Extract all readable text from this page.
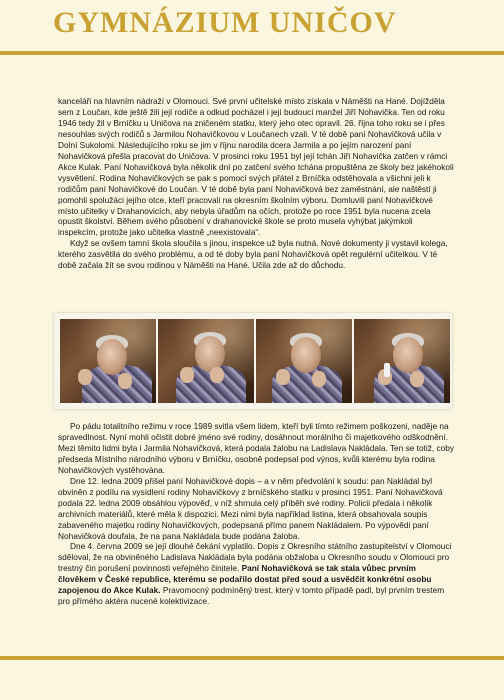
GYMNÁZIUM UNIČOV

kanceláři na hlavním nádraží v Olomouci. Své první učitelské místo získala v Náměšti na Hané. Dojížděla sem z Loučan, kde ještě žili její rodiče a odkud pocházel i její budoucí manžel Jiří Nohavička. Ten od roku 1946 tedy žil v Brníčku u Uničova na zničeném statku, který jeho otec opravil. 26. října toho roku se i přes nesouhlas svých rodičů s Jarmilou Nohavičkovou v Loučanech vzali. V té době paní Nohavičková učila v Dolní Sukolomi. Následujícího roku se jim v říjnu narodila dcera Jarmila a po jejím narození paní Nohavičková přešla pracovat do Uničova. V prosinci roku 1951 byl její tchán Jiří Nohavička zatčen v rámci Akce Kulak. Paní Nohavičková byla několik dní po zatčení svého tchána propuštěna ze školy bez jakéhokoli vysvětlení. Rodina Nohavičkových se pak s pomocí svých přátel z Brníčka odstěhovala a všichni jeli k rodičům paní Nohavičkové do Loučan. V té době byla paní Nohavičková bez zaměstnání, ale naštěstí ji pomohli spolužáci jejího otce, kteří pracovali na okresním školním výboru. Domluvili paní Nohavičkové místo učitelky v Drahanovicích, aby nebyla úřadům na očích, protože po roce 1951 byla nucena zcela opustit školství. Během svého působení v drahanovické škole se proto musela vyhýbat jakýmkoli inspekcím, protože jako učitelka vlastně „neexistovala“.

Když se ovšem tamní škola sloučila s jinou, inspekce už byla nutná. Nové dokumenty ji vystavil kolega, kterého zasvětila do svého problému, a od té doby byla paní Nohavičková opět regulérní učitelkou. V té době začala žít se svou rodinou v Náměšti na Hané. Učila zde až do důchodu.

Po pádu totalitního režimu v roce 1989 svitla všem lidem, kteří byli tímto režimem poškozeni, naděje na spravedlnost. Nyní mohli očistit dobré jméno své rodiny, dosáhnout morálního či majetkového odškodnění. Mezi těmito lidmi byla i Jarmila Nohavičková, která podala žalobu na Ladislava Nakládala. Ten se totiž, coby předseda Místního národního výboru v Brníčku, osobně podepsal pod výnos, kvůli kterému byla rodina Nohavičkových vystěhována.

Dne 12. ledna 2009 přišel paní Nohavičkové dopis – a v něm předvolání k soudu: pan Nakládal byl obviněn z podílu na vysídlení rodiny Nohavičkovy z brníčského statku v prosinci 1951. Paní Nohavičková podala 22. ledna 2009 obsáhlou výpověď, v níž shrnula celý příběh své rodiny. Policii předala i několik archivních materiálů, které měla k dispozici. Mezi nimi byla například listina, která obsahovala soupis zabaveného majetku rodiny Nohavičkových, podepsaná přímo panem Nakládalem. Po výpovědi paní Nohavičková doufala, že na pana Nakládala bude podána žaloba.

Dne 4. června 2009 se její dlouhé čekání vyplatilo. Dopis z Okresního státního zastupitelství v Olomouci sděloval, že na obviněného Ladislava Nakládala byla podána obžaloba u Okresního soudu v Olomouci pro trestný čin porušení povinnosti veřejného činitele. Paní Nohavičková se tak stala vůbec prvním člověkem v České republice, kterému se podařilo dostat před soud a usvědčit konkrétní osobu zapojenou do Akce Kulak. Pravomocný podmíněný trest, který v tomto případě padl, byl prvním trestem pro přímého aktéra nucené kolektivizace.
